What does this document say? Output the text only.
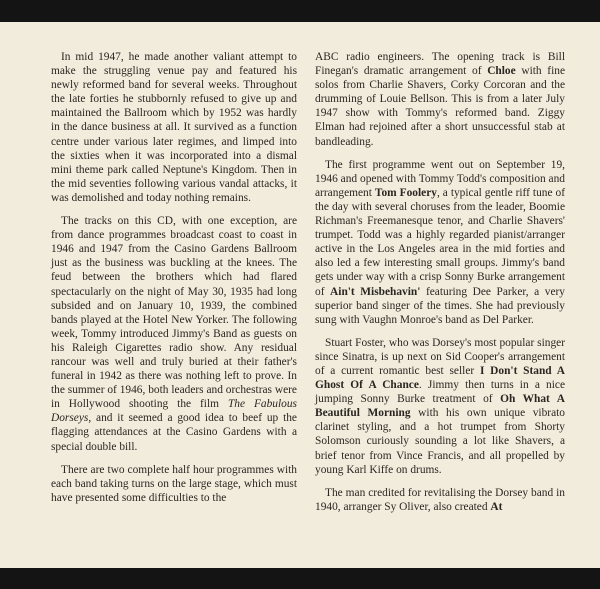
In mid 1947, he made another valiant attempt to make the struggling venue pay and featured his newly reformed band for several weeks. Throughout the late forties he stubbornly refused to give up and maintained the Ballroom which by 1952 was hardly in the dance business at all. It survived as a function centre under various later regimes, and limped into the sixties when it was incorporated into a dismal mini theme park called Neptune's Kingdom. Then in the mid seventies following various vandal attacks, it was demolished and today nothing remains.

The tracks on this CD, with one exception, are from dance programmes broadcast coast to coast in 1946 and 1947 from the Casino Gardens Ballroom just as the business was buckling at the knees. The feud between the brothers which had flared spectacularly on the night of May 30, 1935 had long subsided and on January 10, 1939, the combined bands played at the Hotel New Yorker. The following week, Tommy introduced Jimmy's Band as guests on his Raleigh Cigarettes radio show. Any residual rancour was well and truly buried at their father's funeral in 1942 as there was nothing left to prove. In the summer of 1946, both leaders and orchestras were in Hollywood shooting the film The Fabulous Dorseys, and it seemed a good idea to beef up the flagging attendances at the Casino Gardens with a special double bill.

There are two complete half hour programmes with each band taking turns on the large stage, which must have presented some difficulties to the

ABC radio engineers. The opening track is Bill Finegan's dramatic arrangement of Chloe with fine solos from Charlie Shavers, Corky Corcoran and the drumming of Louie Bellson. This is from a later July 1947 show with Tommy's reformed band. Ziggy Elman had rejoined after a short unsuccessful stab at bandleading.

The first programme went out on September 19, 1946 and opened with Tommy Todd's composition and arrangement Tom Foolery, a typical gentle riff tune of the day with several choruses from the leader, Boomie Richman's Freemanesque tenor, and Charlie Shavers' trumpet. Todd was a highly regarded pianist/arranger active in the Los Angeles area in the mid forties and also led a few interesting small groups. Jimmy's band gets under way with a crisp Sonny Burke arrangement of Ain't Misbehavin' featuring Dee Parker, a very superior band singer of the times. She had previously sung with Vaughn Monroe's band as Del Parker.

Stuart Foster, who was Dorsey's most popular singer since Sinatra, is up next on Sid Cooper's arrangement of a current romantic best seller I Don't Stand A Ghost Of A Chance. Jimmy then turns in a nice jumping Sonny Burke treatment of Oh What A Beautiful Morning with his own unique vibrato clarinet styling, and a hot trumpet from Shorty Solomson curiously sounding a lot like Shavers, a brief tenor from Vince Francis, and all propelled by young Karl Kiffe on drums.

The man credited for revitalising the Dorsey band in 1940, arranger Sy Oliver, also created At
